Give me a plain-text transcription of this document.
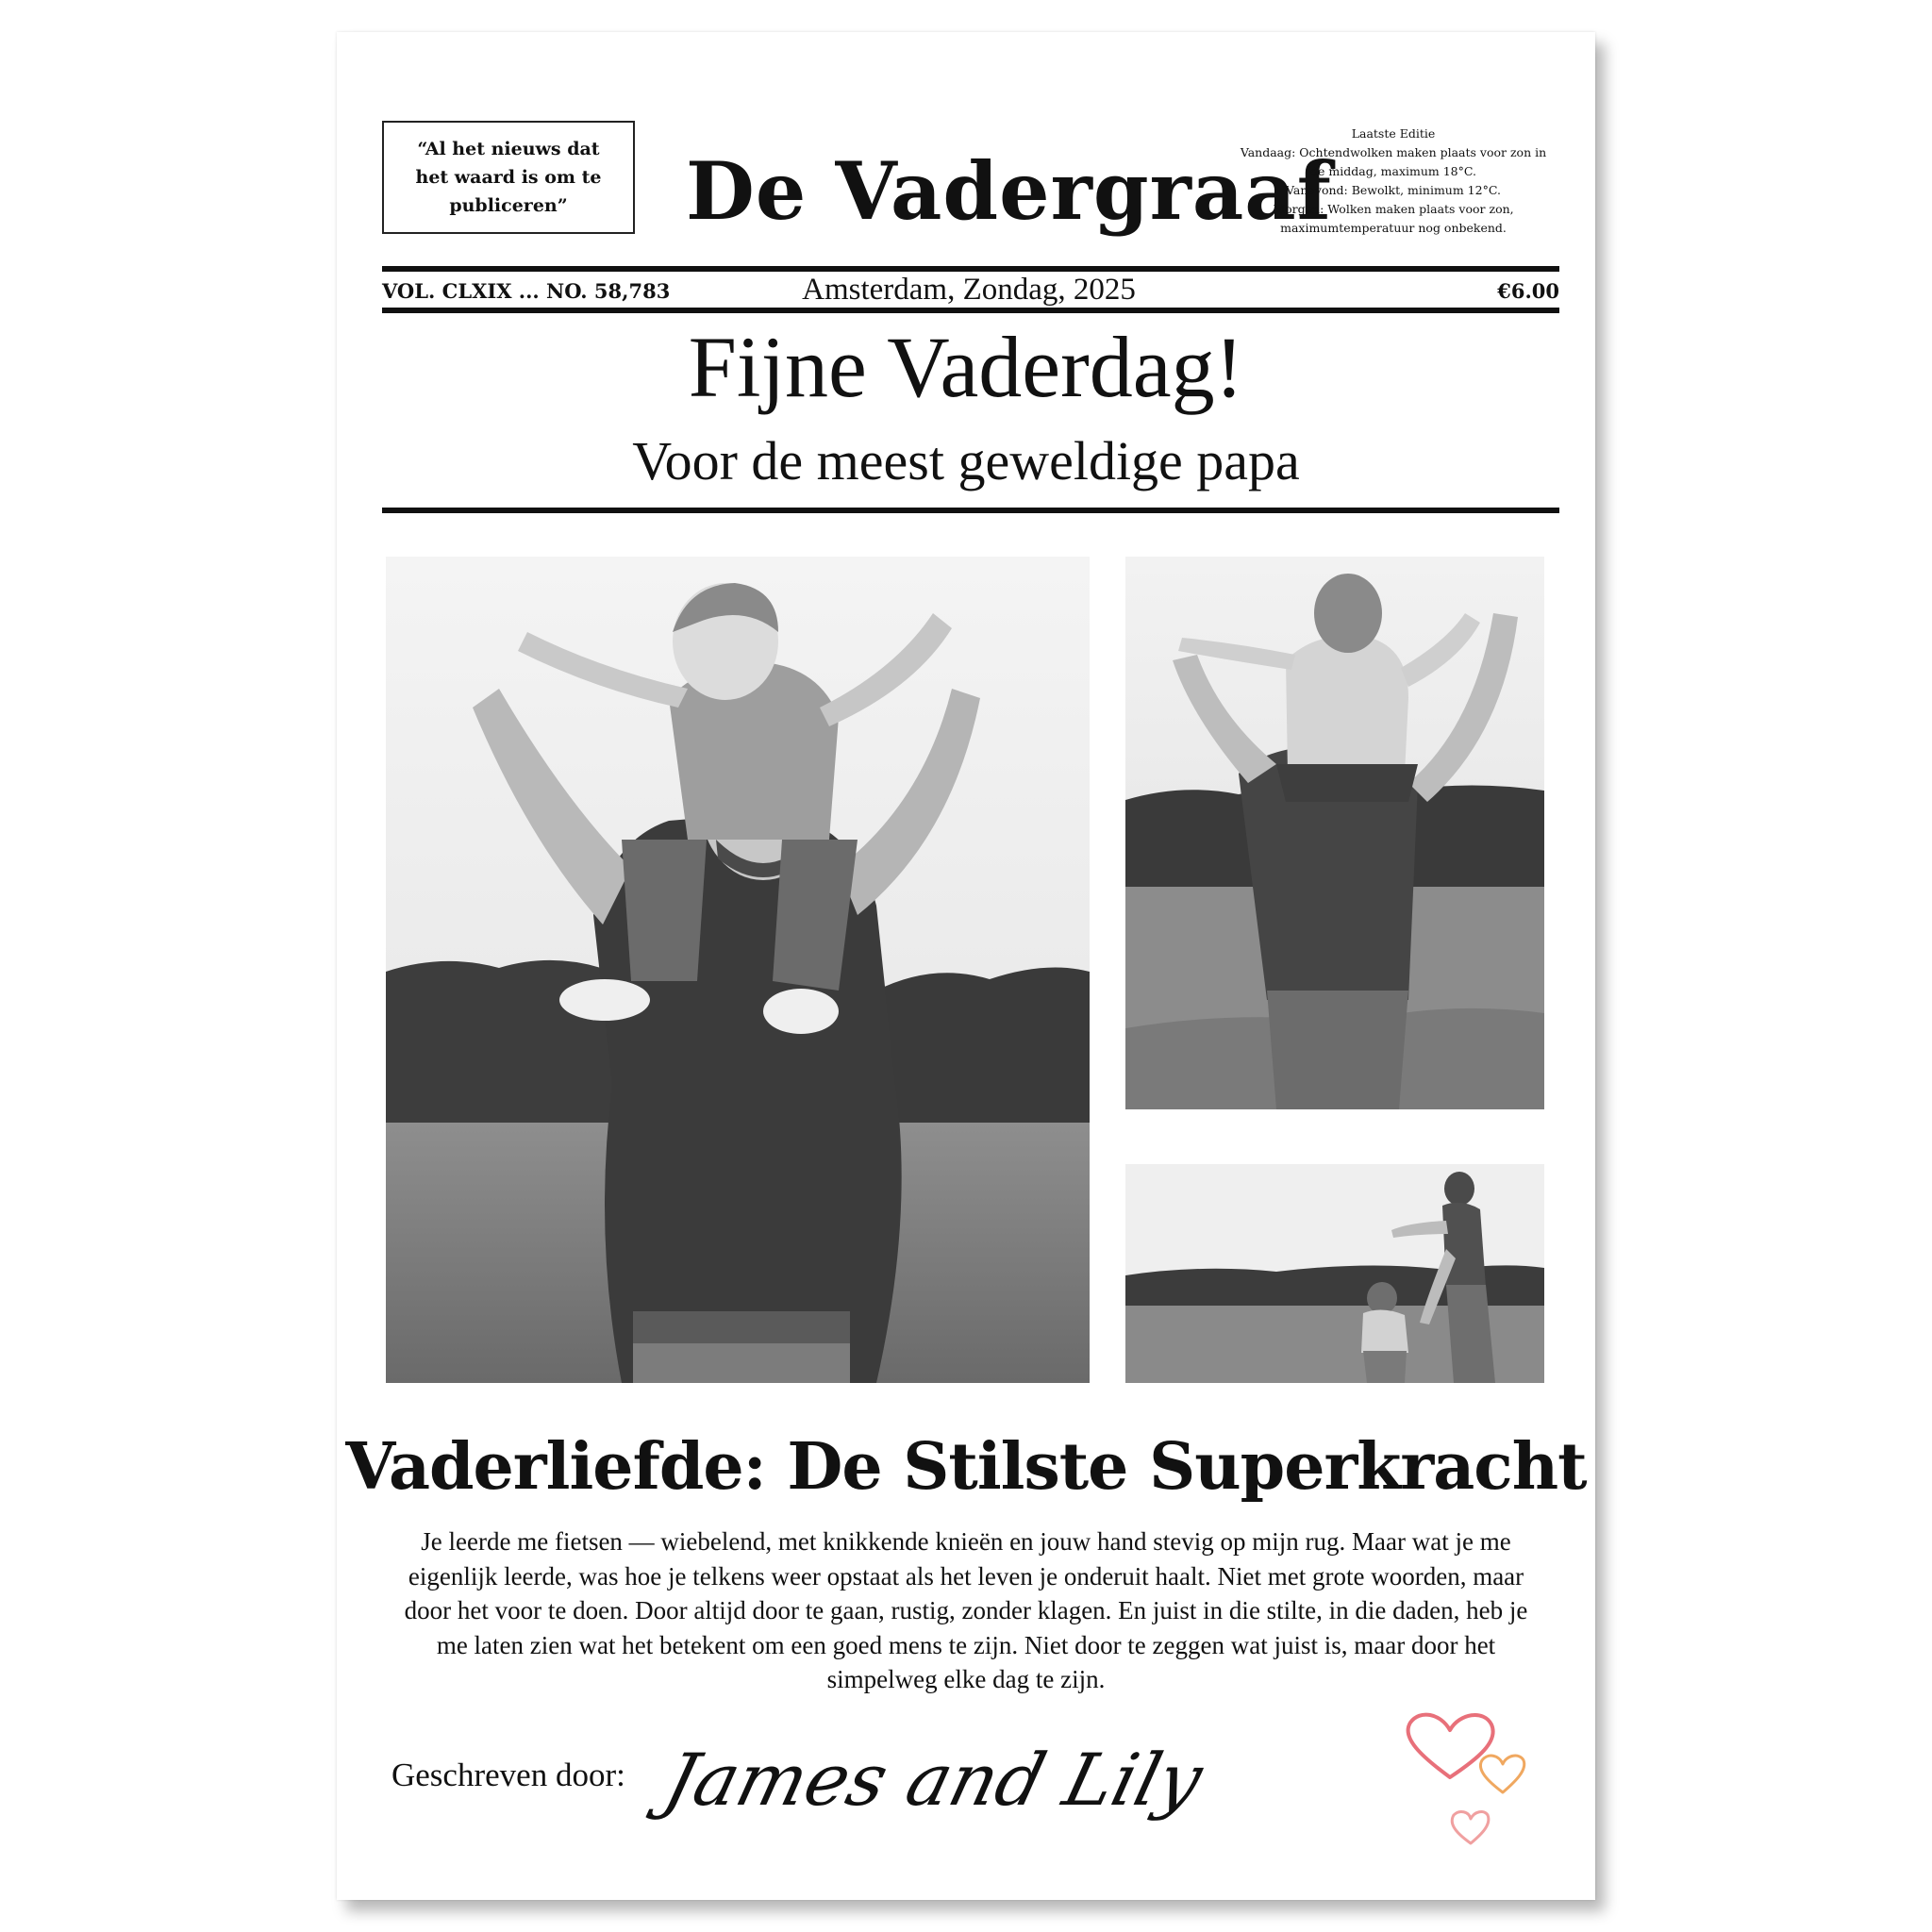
“Al het nieuws dat het waard is om te publiceren”	De Vadergraaf
Laatste Editie
Vandaag: Ochtendwolken maken plaats voor zon in de middag, maximum 18°C.
Vanavond: Bewolkt, minimum 12°C.
Morgen: Wolken maken plaats voor zon, maximumtemperatuur nog onbekend.
VOL. CLXIX ... NO. 58,783	Amsterdam, Zondag, 2025	€6.00
Fijne Vaderdag!
Voor de meest geweldige papa
Vaderliefde: De Stilste Superkracht
Je leerde me fietsen — wiebelend, met knikkende knieën en jouw hand stevig op mijn rug. Maar wat je me eigenlijk leerde, was hoe je telkens weer opstaat als het leven je onderuit haalt. Niet met grote woorden, maar door het voor te doen. Door altijd door te gaan, rustig, zonder klagen. En juist in die stilte, in die daden, heb je me laten zien wat het betekent om een goed mens te zijn. Niet door te zeggen wat juist is, maar door het simpelweg elke dag te zijn.
Geschreven door: James and Lily
